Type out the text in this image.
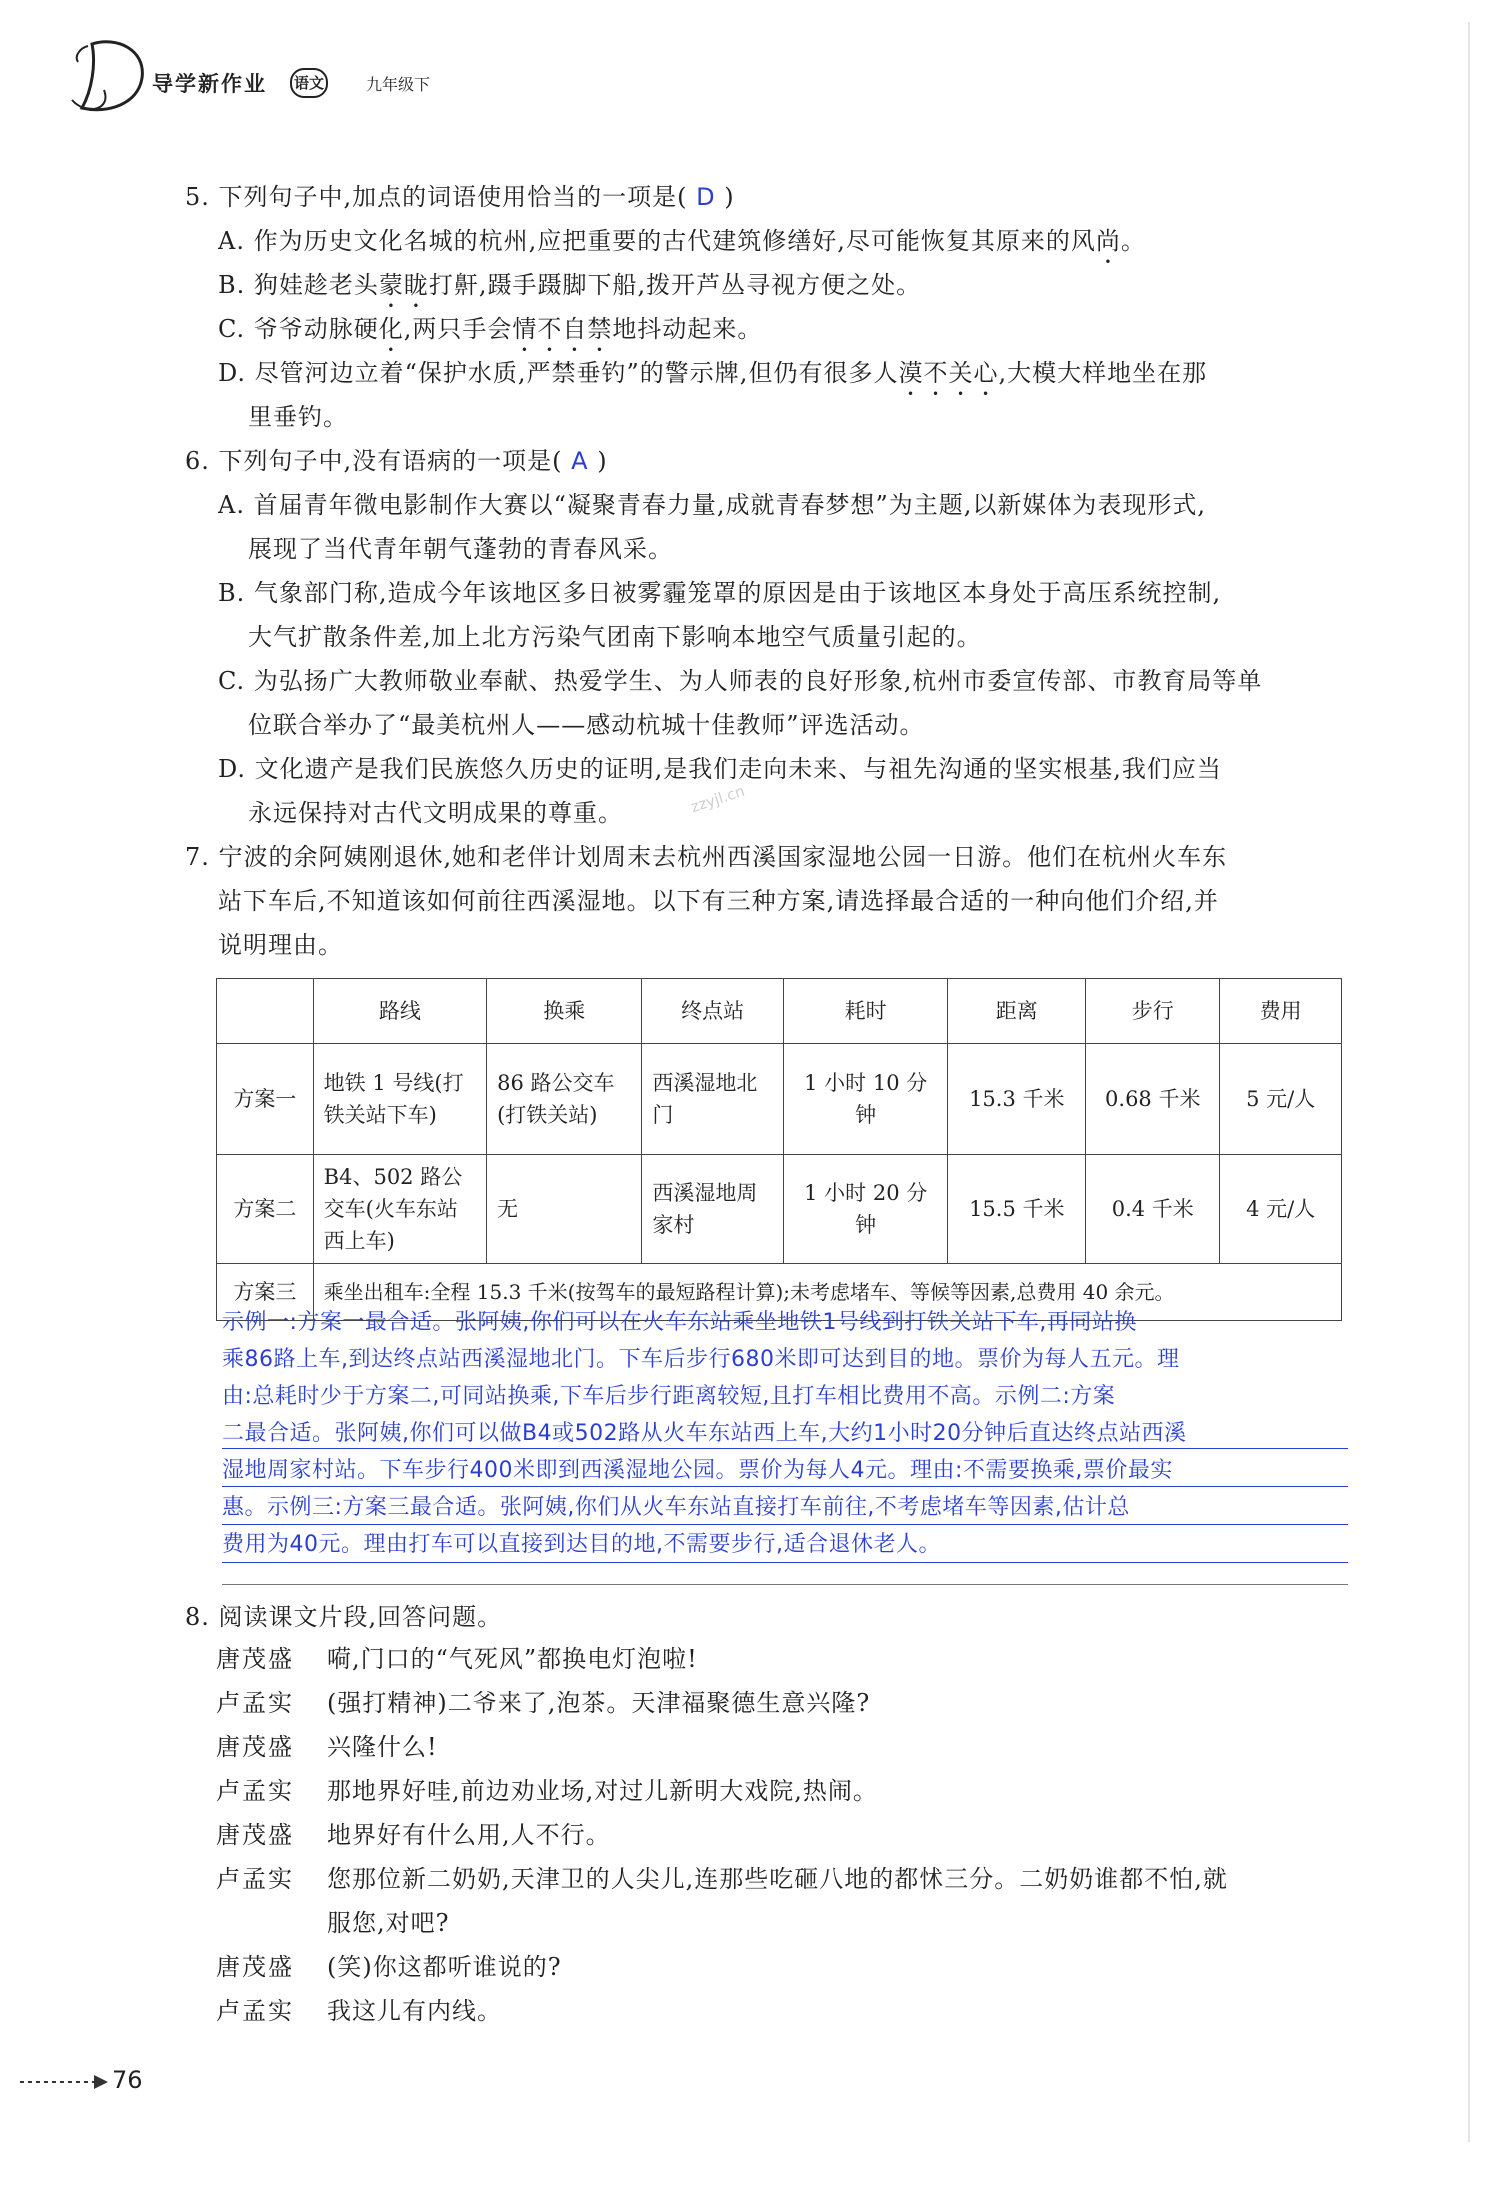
导学新作业 语文	九年级下
5. 下列句子中,加点的词语使用恰当的一项是( D )
A. 作为历史文化名城的杭州,应把重要的古代建筑修缮好,尽可能恢复其原来的风尚。
B. 狗娃趁老头蒙眬打鼾,蹑手蹑脚下船,拨开芦丛寻视方便之处。
C. 爷爷动脉硬化,两只手会情不自禁地抖动起来。
D. 尽管河边立着“保护水质,严禁垂钓”的警示牌,但仍有很多人漠不关心,大模大样地坐在那
里垂钓。
6. 下列句子中,没有语病的一项是( A )
A. 首届青年微电影制作大赛以“凝聚青春力量,成就青春梦想”为主题,以新媒体为表现形式,
展现了当代青年朝气蓬勃的青春风采。
B. 气象部门称,造成今年该地区多日被雾霾笼罩的原因是由于该地区本身处于高压系统控制,
大气扩散条件差,加上北方污染气团南下影响本地空气质量引起的。
C. 为弘扬广大教师敬业奉献、热爱学生、为人师表的良好形象,杭州市委宣传部、市教育局等单
位联合举办了“最美杭州人——感动杭城十佳教师”评选活动。
D. 文化遗产是我们民族悠久历史的证明,是我们走向未来、与祖先沟通的坚实根基,我们应当
永远保持对古代文明成果的尊重。	zzyjl.cn
7. 宁波的余阿姨刚退休,她和老伴计划周末去杭州西溪国家湿地公园一日游。他们在杭州火车东
站下车后,不知道该如何前往西溪湿地。以下有三种方案,请选择最合适的一种向他们介绍,并
说明理由。
	路线	换乘	终点站	耗时	距离	步行	费用
方案一	地铁 1 号线(打铁关站下车)	86 路公交车(打铁关站)	西溪湿地北门	1 小时 10 分钟	15.3 千米	0.68 千米	5 元/人
方案二	B4、502 路公交车(火车东站西上车)	无	西溪湿地周家村	1 小时 20 分钟	15.5 千米	0.4 千米	4 元/人
方案三	乘坐出租车:全程 15.3 千米(按驾车的最短路程计算);未考虑堵车、等候等因素,总费用 40 余元。						
示例一:方案一最合适。张阿姨,你们可以在火车东站乘坐地铁1号线到打铁关站下车,再同站换
乘86路上车,到达终点站西溪湿地北门。下车后步行680米即可达到目的地。票价为每人五元。理
由:总耗时少于方案二,可同站换乘,下车后步行距离较短,且打车相比费用不高。示例二:方案
二最合适。张阿姨,你们可以做B4或502路从火车东站西上车,大约1小时20分钟后直达终点站西溪
湿地周家村站。下车步行400米即到西溪湿地公园。票价为每人4元。理由:不需要换乘,票价最实
惠。示例三:方案三最合适。张阿姨,你们从火车东站直接打车前往,不考虑堵车等因素,估计总
费用为40元。理由打车可以直接到达目的地,不需要步行,适合退休老人。
8. 阅读课文片段,回答问题。
唐茂盛 嗬,门口的“气死风”都换电灯泡啦!
卢孟实 (强打精神)二爷来了,泡茶。天津福聚德生意兴隆?
唐茂盛 兴隆什么!
卢孟实 那地界好哇,前边劝业场,对过儿新明大戏院,热闹。
唐茂盛 地界好有什么用,人不行。
卢孟实 您那位新二奶奶,天津卫的人尖儿,连那些吃砸八地的都怵三分。二奶奶谁都不怕,就
服您,对吧?
唐茂盛 (笑)你这都听谁说的?
卢孟实 我这儿有内线。
76
